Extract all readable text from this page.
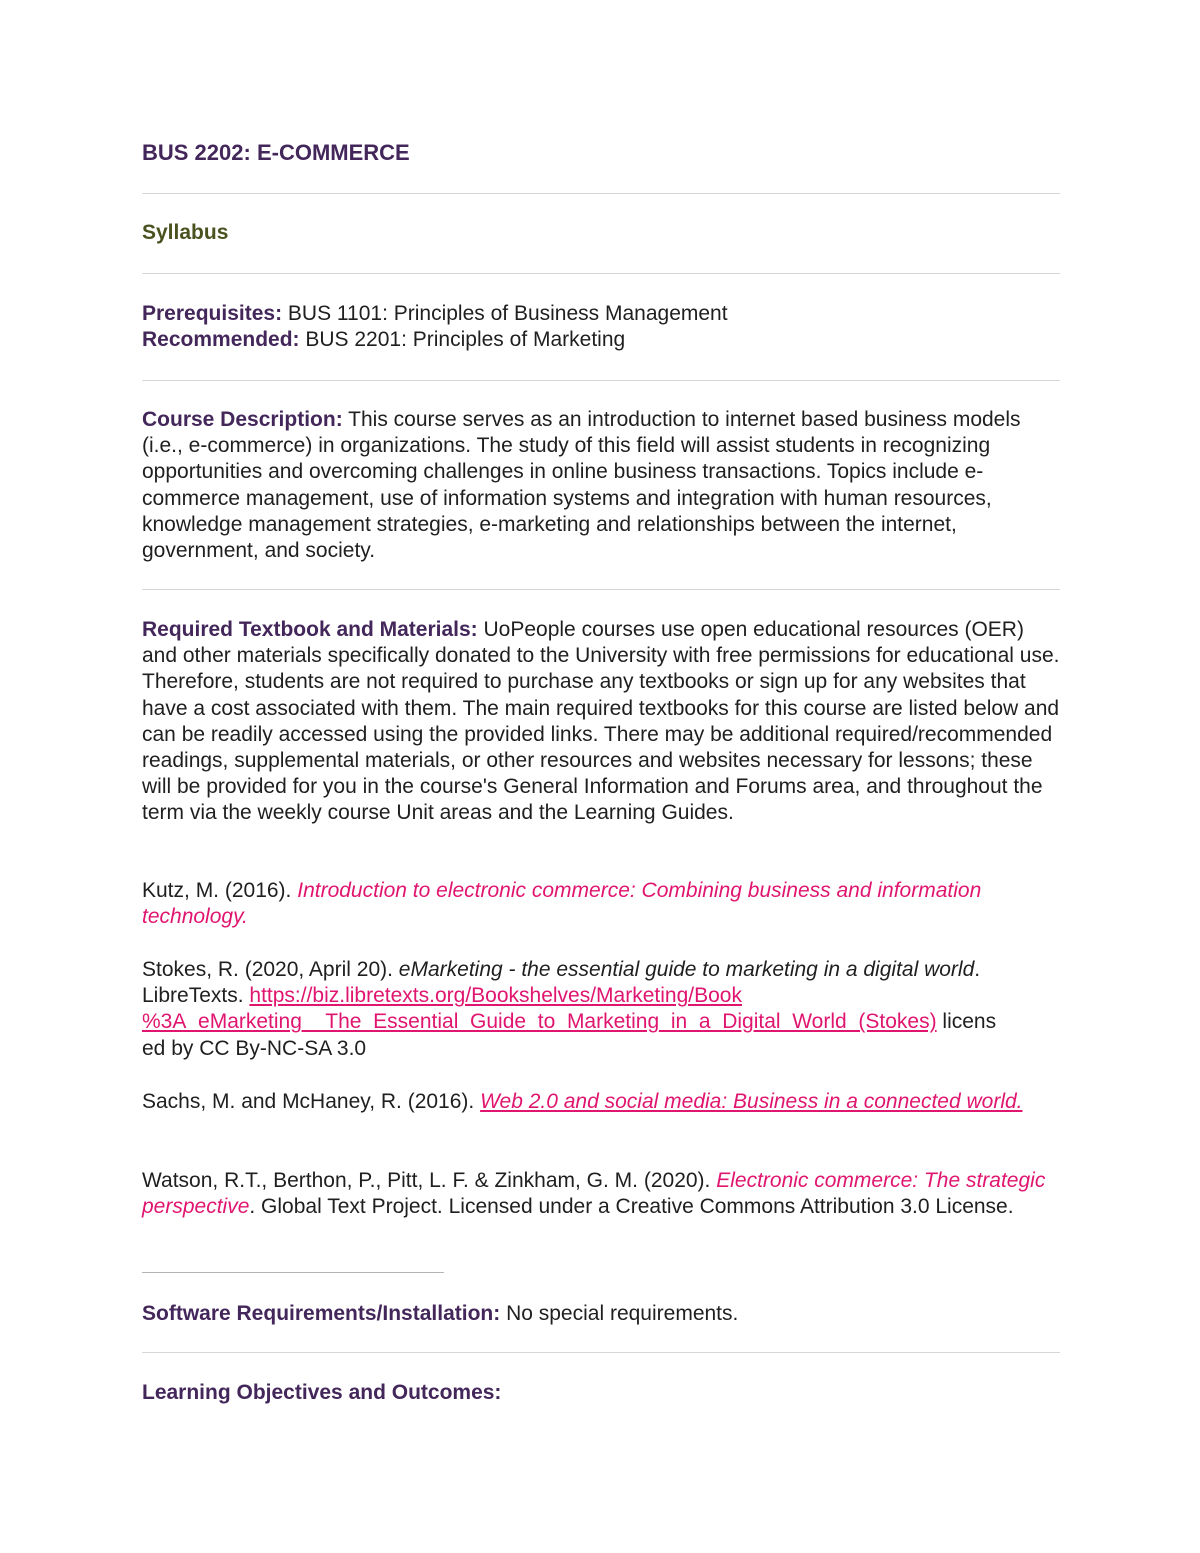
BUS 2202: E-COMMERCE
Syllabus

Prerequisites: BUS 1101: Principles of Business Management

Recommended: BUS 2201: Principles of Marketing

Course Description: This course serves as an introduction to internet based business models (i.e., e-commerce) in organizations. The study of this field will assist students in recognizing opportunities and overcoming challenges in online business transactions. Topics include e-commerce management, use of information systems and integration with human resources, knowledge management strategies, e-marketing and relationships between the internet, government, and society.

Required Textbook and Materials: UoPeople courses use open educational resources (OER) and other materials specifically donated to the University with free permissions for educational use. Therefore, students are not required to purchase any textbooks or sign up for any websites that have a cost associated with them. The main required textbooks for this course are listed below and can be readily accessed using the provided links. There may be additional required/recommended readings, supplemental materials, or other resources and websites necessary for lessons; these will be provided for you in the course's General Information and Forums area, and throughout the term via the weekly course Unit areas and the Learning Guides.

Kutz, M. (2016). Introduction to electronic commerce: Combining business and information technology.

Stokes, R. (2020, April 20). eMarketing - the essential guide to marketing in a digital world. LibreTexts. https://biz.libretexts.org/Bookshelves/Marketing/Book
%3A_eMarketing__The_Essential_Guide_to_Marketing_in_a_Digital_World_(Stokes) licens
ed by CC By-NC-SA 3.0

Sachs, M. and McHaney, R. (2016). Web 2.0 and social media: Business in a connected world.

Watson, R.T., Berthon, P., Pitt, L. F. & Zinkham, G. M. (2020). Electronic commerce: The strategic perspective. Global Text Project. Licensed under a Creative Commons Attribution 3.0 License.

Software Requirements/Installation: No special requirements.

Learning Objectives and Outcomes:
